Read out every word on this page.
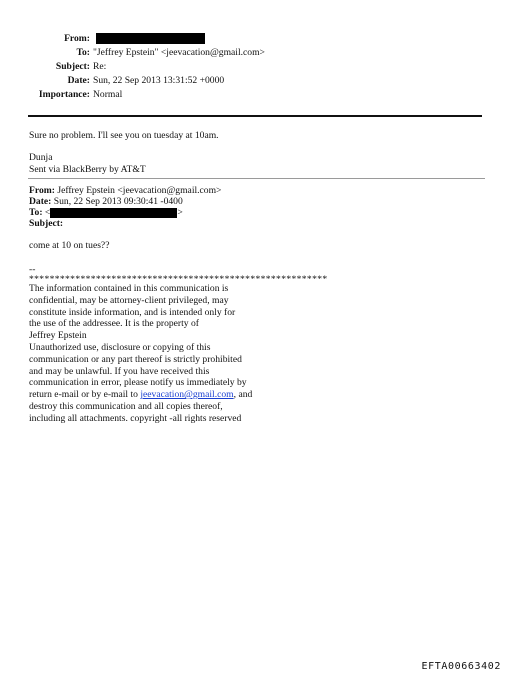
From:
To: "Jeffrey Epstein" <jeevacation@gmail.com>
Subject: Re:
Date: Sun, 22 Sep 2013 13:31:52 +0000
Importance: Normal
Sure no problem. I'll see you on tuesday at 10am.
Dunja
Sent via BlackBerry by AT&T
From: Jeffrey Epstein <jeevacation@gmail.com>
Date: Sun, 22 Sep 2013 09:30:41 -0400
To: <	>
Subject:
come at 10 on tues??
--
**********************************************************
The information contained in this communication is
confidential, may be attorney-client privileged, may
constitute inside information, and is intended only for
the use of the addressee. It is the property of
Jeffrey Epstein
Unauthorized use, disclosure or copying of this
communication or any part thereof is strictly prohibited
and may be unlawful. If you have received this
communication in error, please notify us immediately by
return e-mail or by e-mail to jeevacation@gmail.com, and
destroy this communication and all copies thereof,
including all attachments. copyright -all rights reserved
EFTA00663402
